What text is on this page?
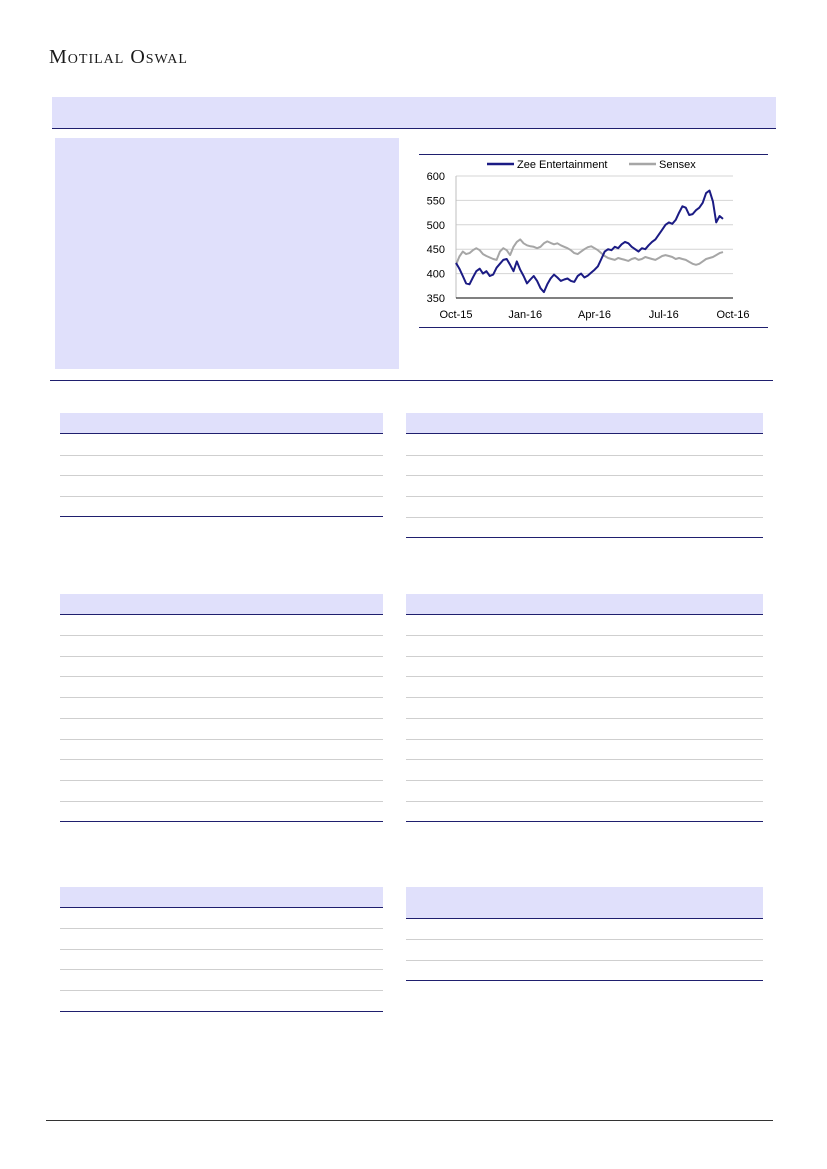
Motilal Oswal
350
400
450
500
550
600
Oct-15	Jan-16	Apr-16	Jul-16	Oct-16
Zee Entertainment	Sensex
